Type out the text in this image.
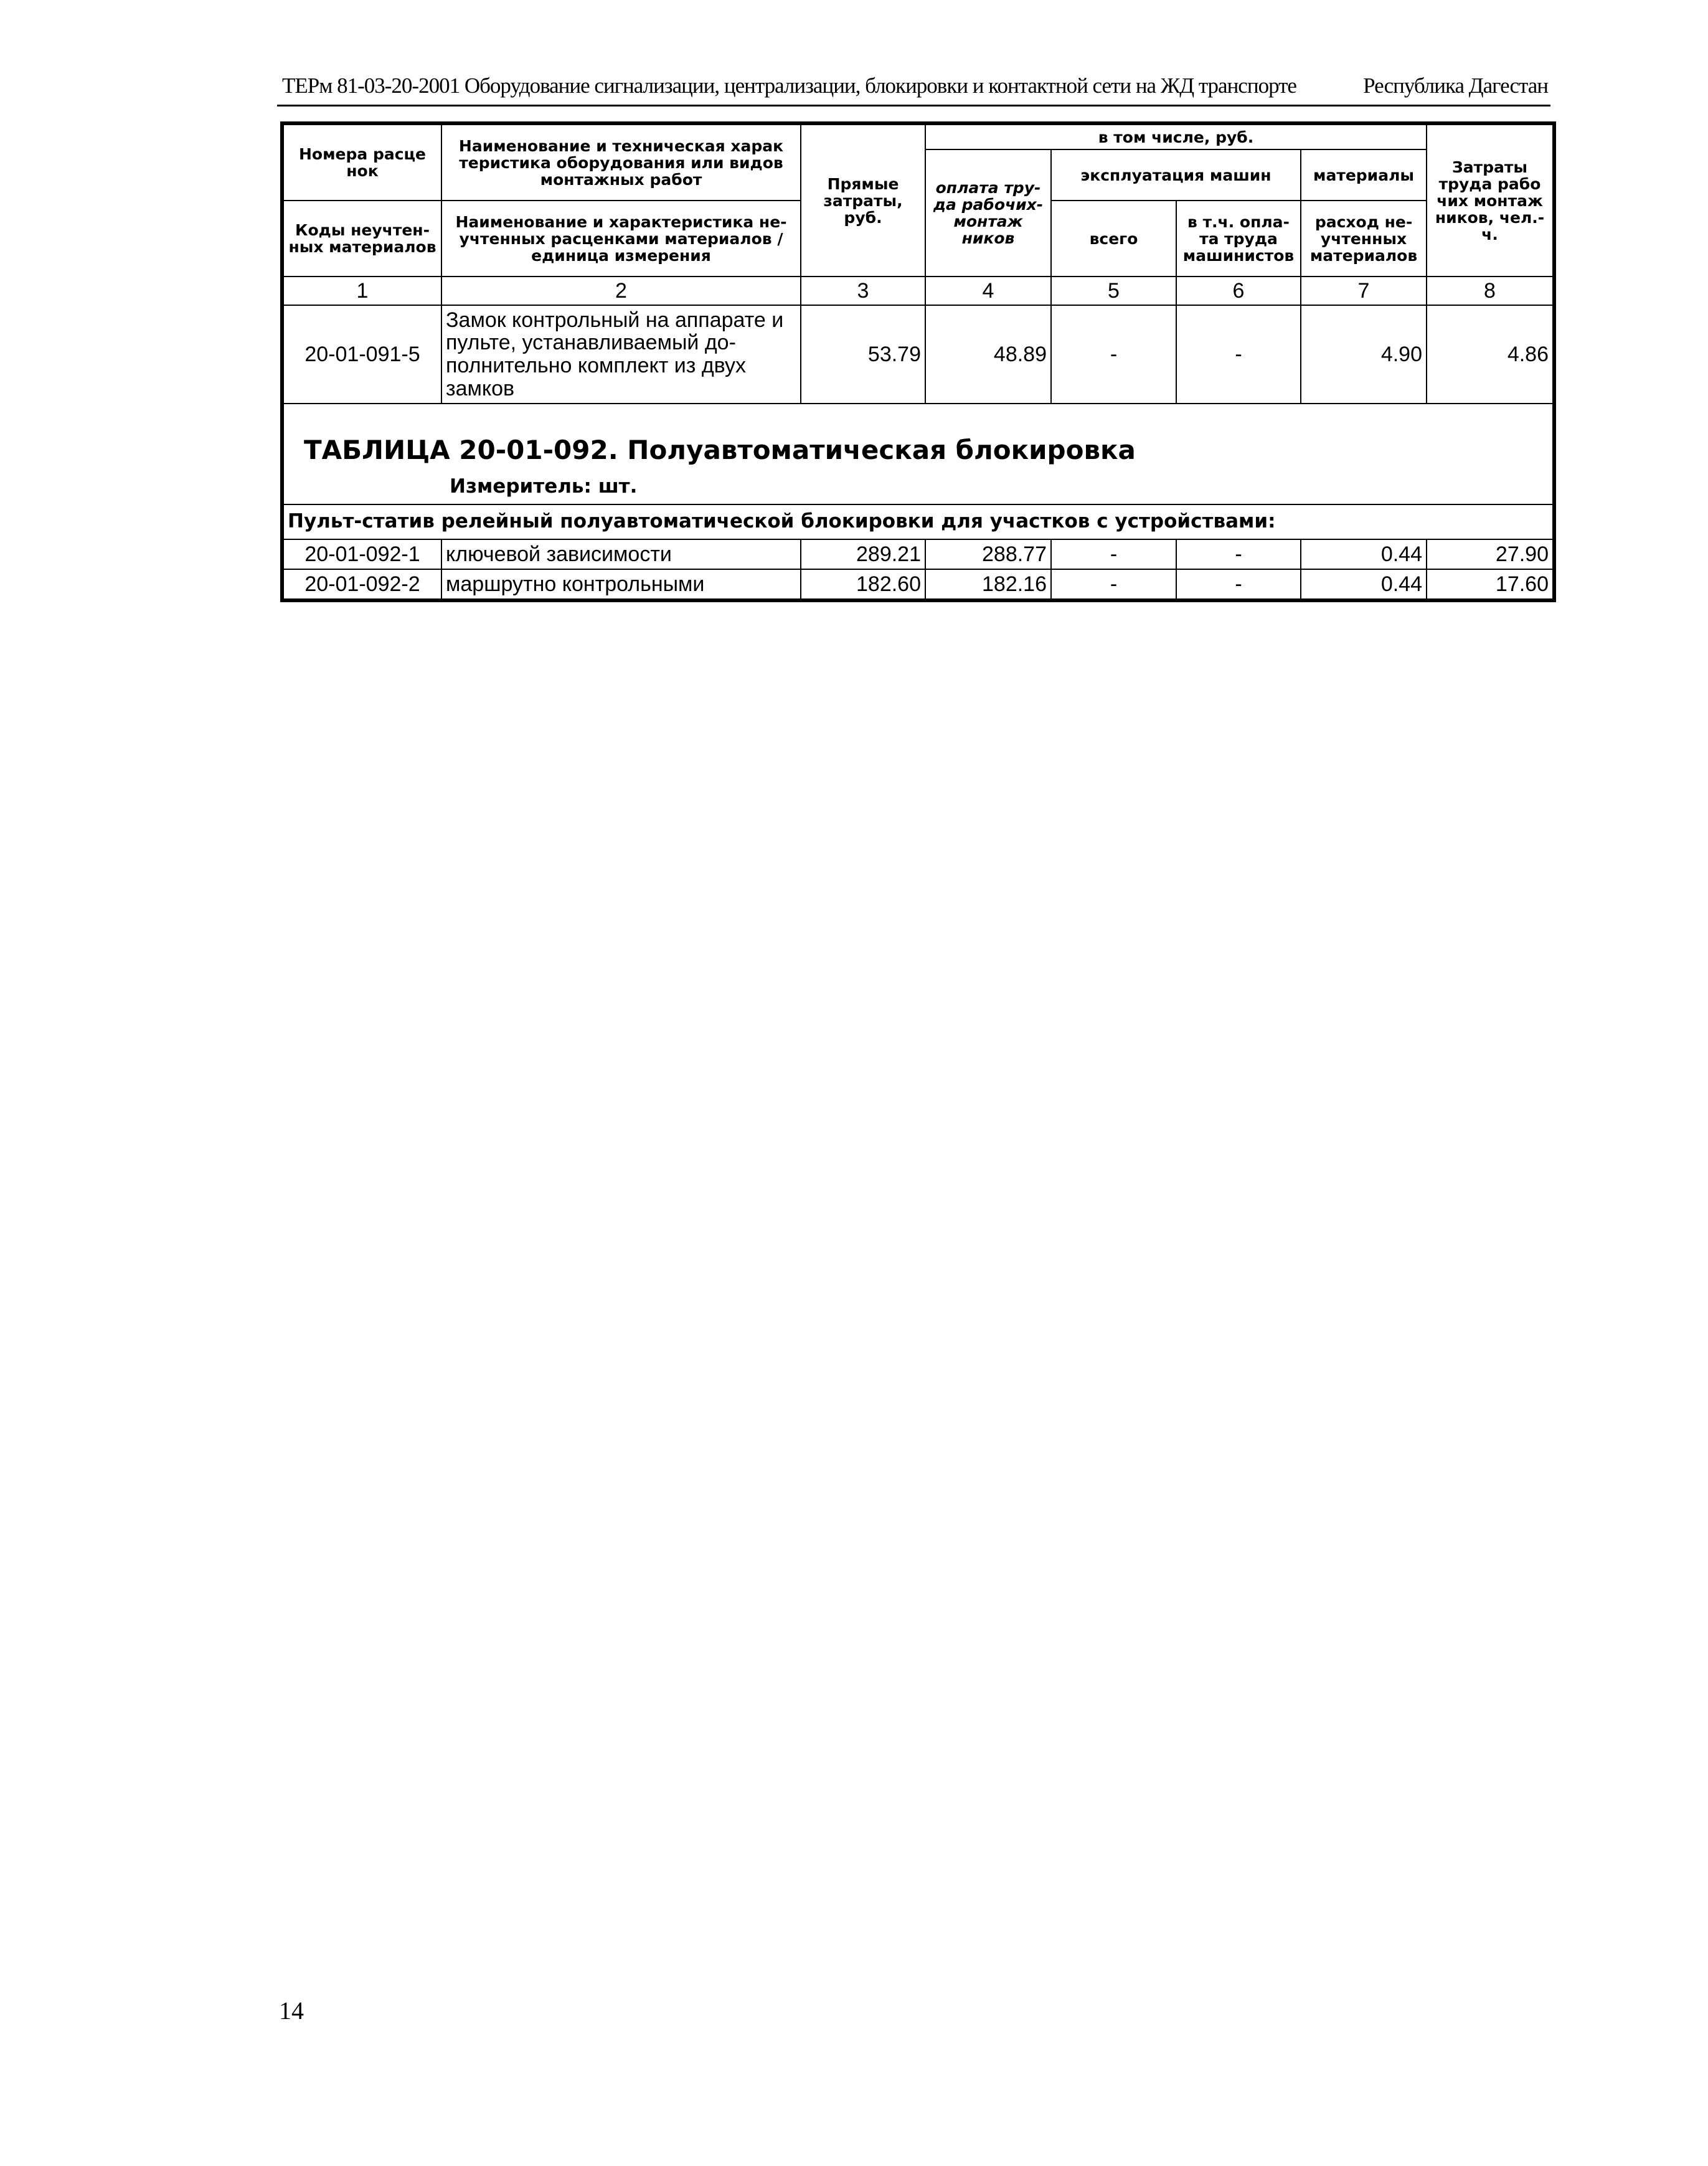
ТЕРм 81-03-20-2001 Оборудование сигнализации, централизации, блокировки и контактной сети на ЖД транспорте	Республика Дагестан
Номера расце нок	Наименование и техническая харак теристика оборудования или видов монтажных работ	Прямые затраты, руб.	в том числе, руб.				Затраты труда рабо чих монтаж ников, чел.-ч.
			оплата тру-да рабочих-монтаж ников	эксплуатация машин		материалы	

Коды неучтен-ных материалов	Наименование и характеристика не-учтенных расценками материалов / единица измерения			всего	в т.ч. опла-та труда машинистов	расход не-учтенных материалов	

1	2	3	4	5	6	7	8
20-01-091-5	Замок контрольный на аппарате и пульте, устанавливаемый до-полнительно комплект из двух замков	53.79	48.89	-	-	4.90	4.86

ТАБЛИЦА 20-01-092. Полуавтоматическая блокировка
Измеритель: шт.							

Пульт-статив релейный полуавтоматической блокировки для участков с устройствами:							
20-01-092-1	ключевой зависимости	289.21	288.77	-	-	0.44	27.90
20-01-092-2	маршрутно контрольными	182.60	182.16	-	-	0.44	17.60
14
